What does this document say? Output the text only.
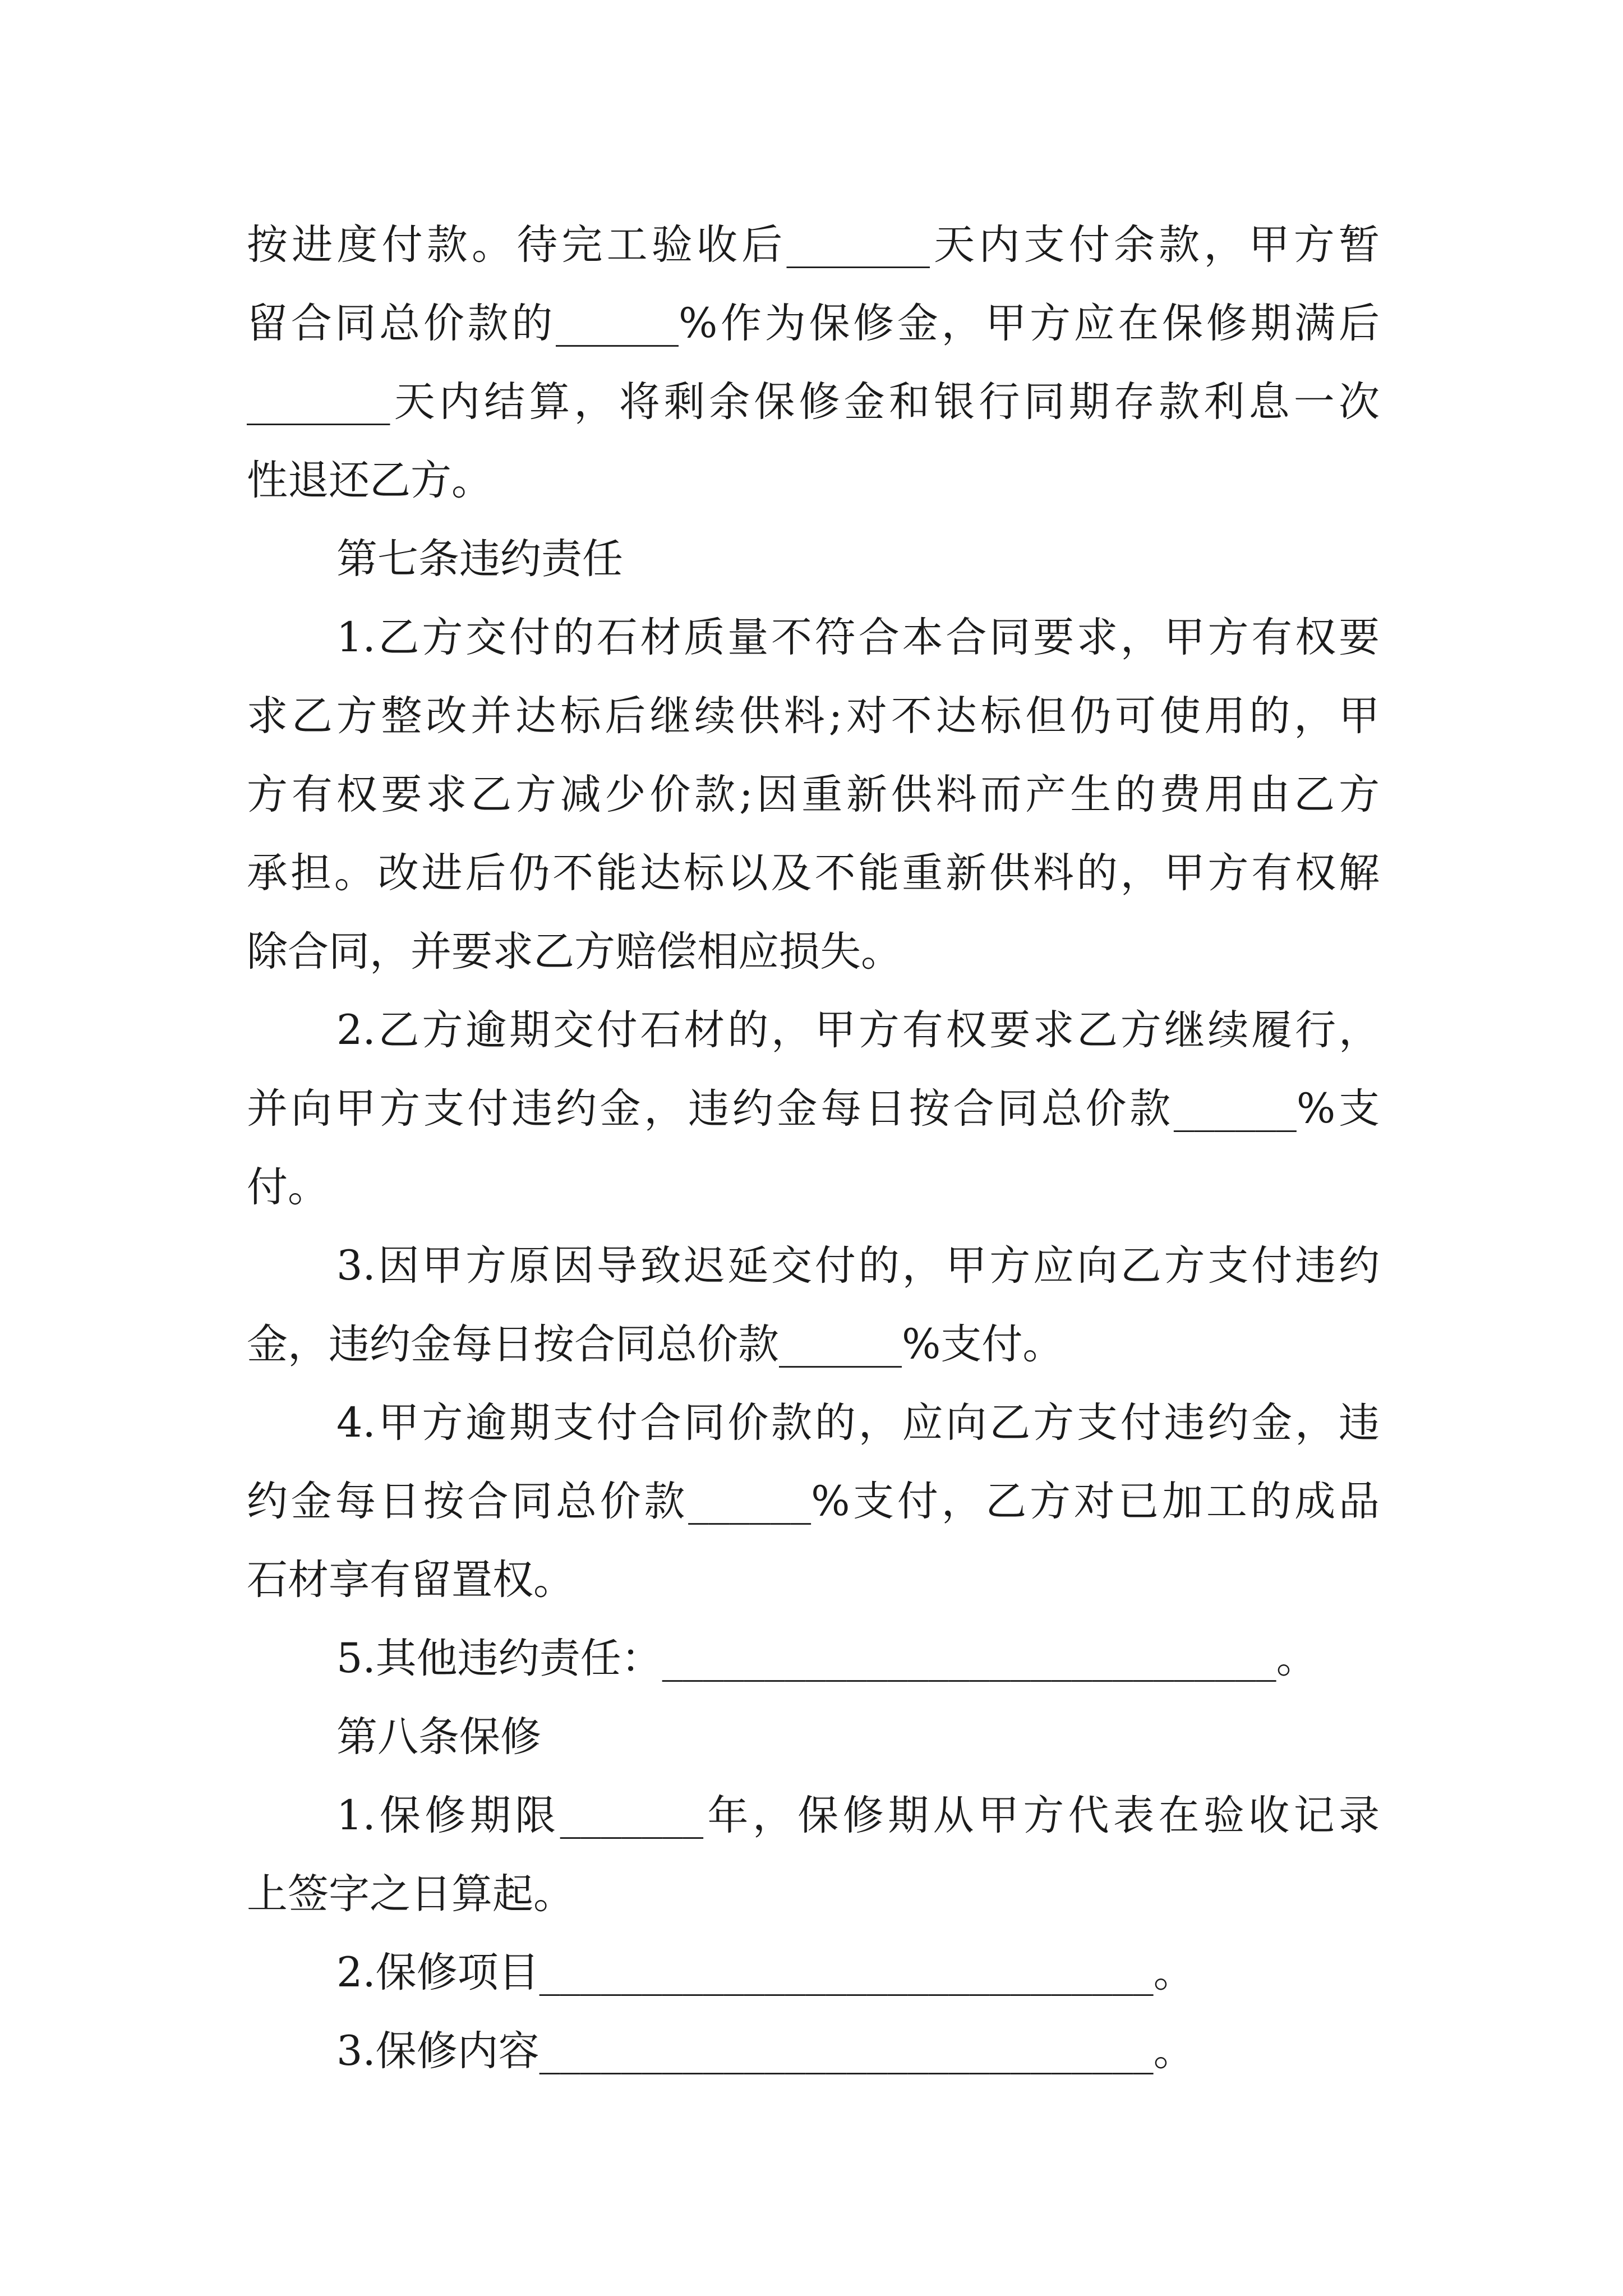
按进度付款。待完工验收后_______天内支付余款，甲方暂
留合同总价款的______%作为保修金，甲方应在保修期满后
_______天内结算，将剩余保修金和银行同期存款利息一次
性退还乙方。
第七条违约责任
1.乙方交付的石材质量不符合本合同要求，甲方有权要
求乙方整改并达标后继续供料;对不达标但仍可使用的，甲
方有权要求乙方减少价款;因重新供料而产生的费用由乙方
承担。改进后仍不能达标以及不能重新供料的，甲方有权解
除合同，并要求乙方赔偿相应损失。
2.乙方逾期交付石材的，甲方有权要求乙方继续履行，
并向甲方支付违约金，违约金每日按合同总价款______%支
付。
3.因甲方原因导致迟延交付的，甲方应向乙方支付违约
金，违约金每日按合同总价款______%支付。
4.甲方逾期支付合同价款的，应向乙方支付违约金，违
约金每日按合同总价款______%支付，乙方对已加工的成品
石材享有留置权。
5.其他违约责任：______________________________。
第八条保修
1.保修期限_______年，保修期从甲方代表在验收记录
上签字之日算起。
2.保修项目______________________________。
3.保修内容______________________________。
